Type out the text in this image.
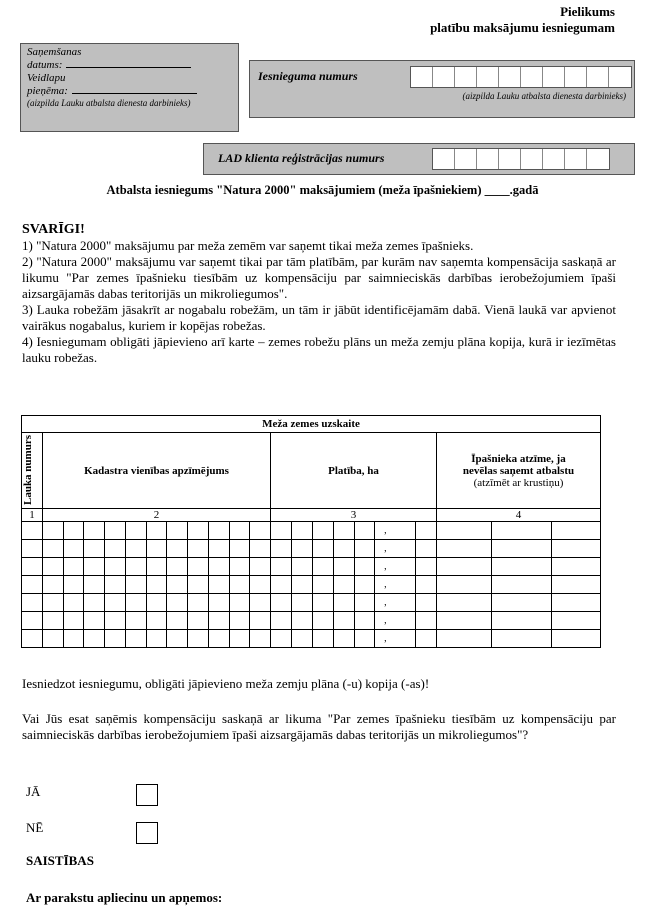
Pielikums
platību maksājumu iesniegumam
Saņemšanas
datums:
Veidlapu
pieņēma:
(aizpilda Lauku atbalsta dienesta darbinieks)
Iesnieguma numurs
(aizpilda Lauku atbalsta dienesta darbinieks)
LAD klienta reģistrācijas numurs
Atbalsta iesniegums "Natura 2000" maksājumiem (meža īpašniekiem) ____.gadā

SVARĪGI!

1) "Natura 2000" maksājumu par meža zemēm var saņemt tikai meža zemes īpašnieks.

2) "Natura 2000" maksājumu var saņemt tikai par tām platībām, par kurām nav saņemta kompensācija saskaņā ar likumu "Par zemes īpašnieku tiesībām uz kompensāciju par saimnieciskās darbības ierobežojumiem īpaši aizsargājamās dabas teritorijās un mikroliegumos".

3) Lauka robežām jāsakrīt ar nogabalu robežām, un tām ir jābūt identificējamām dabā. Vienā laukā var apvienot vairākus nogabalus, kuriem ir kopējas robežas.

4) Iesniegumam obligāti jāpievieno arī karte – zemes robežu plāns un meža zemju plāna kopija, kurā ir iezīmētas lauku robežas.

Meža zemes uzskaite			

Lauka numurs	Kadastra vienības apzīmējums	Platība, ha	Īpašnieka atzīme, ja
nevēlas saņemt atbalstu
(atzīmēt ar krustiņu)

1	2	3	4

		,	

		,	

		,	

		,	

		,	

		,	

		,	

Iesniedzot iesniegumu, obligāti jāpievieno meža zemju plāna (-u) kopija (-as)!
Vai Jūs esat saņēmis kompensāciju saskaņā ar likuma "Par zemes īpašnieku tiesībām uz kompensāciju par saimnieciskās darbības ierobežojumiem īpaši aizsargājamās dabas teritorijās un mikroliegumos"?
JĀ
NĒ
SAISTĪBAS
Ar parakstu apliecinu un apņemos:
